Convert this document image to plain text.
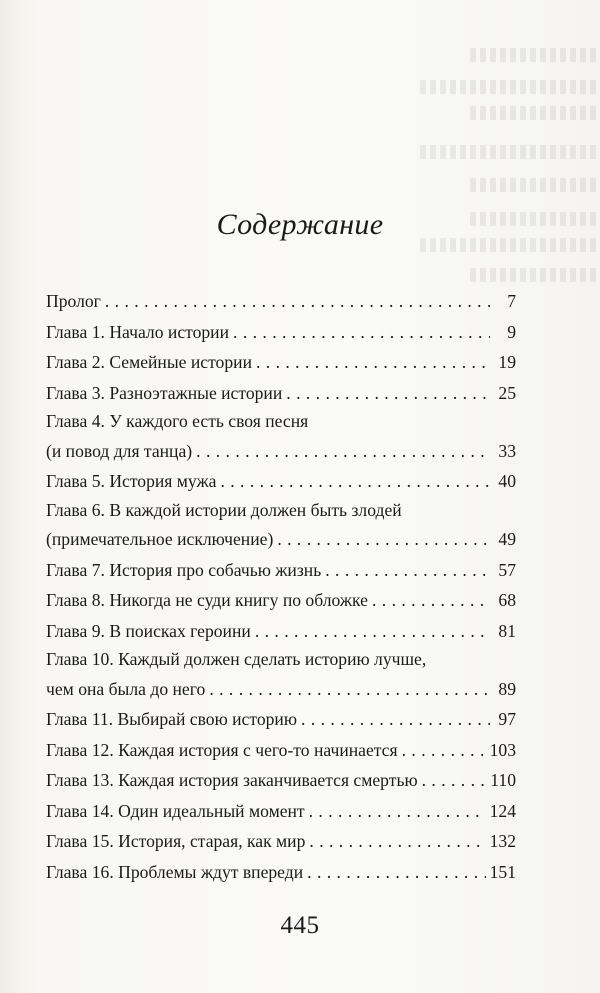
Содержание
Пролог . . .	7
Глава 1. Начало истории . . .	9
Глава 2. Семейные истории . . .	19
Глава 3. Разноэтажные истории . . .	25
Глава 4. У каждого есть своя песня
(и повод для танца) . . .	33
Глава 5. История мужа . . .	40
Глава 6. В каждой истории должен быть злодей
(примечательное исключение) . . .	49
Глава 7. История про собачью жизнь . . .	57
Глава 8. Никогда не суди книгу по обложке . . .	68
Глава 9. В поисках героини . . .	81
Глава 10. Каждый должен сделать историю лучше,
чем она была до него . . .	89
Глава 11. Выбирай свою историю . . .	97
Глава 12. Каждая история с чего-то начинается . . .	103
Глава 13. Каждая история заканчивается смертью . . .	110
Глава 14. Один идеальный момент . . .	124
Глава 15. История, старая, как мир . . .	132
Глава 16. Проблемы ждут впереди . . .	151
445
